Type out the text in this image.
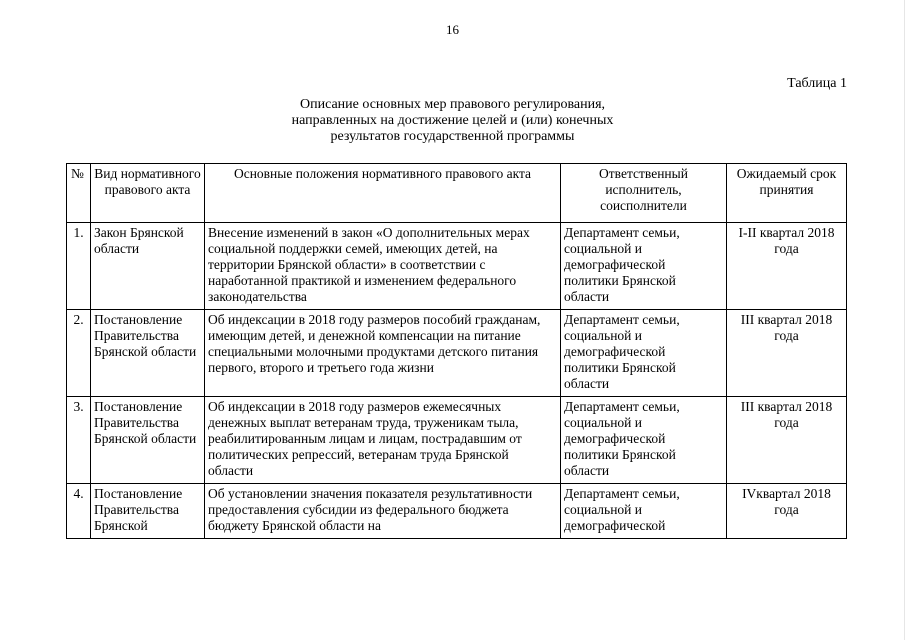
16
Таблица 1
Описание основных мер правового регулирования,
направленных на достижение целей и (или) конечных
результатов государственной программы
№	Вид нормативного правового акта	Основные положения нормативного правового акта	Ответственный исполнитель, соисполнители	Ожидаемый срок принятия
1.	Закон Брянской области	Внесение изменений в закон «О дополнительных мерах социальной поддержки семей, имеющих детей, на территории Брянской области» в соответствии с наработанной практикой и изменением федерального законодательства	Департамент семьи, социальной и демографической политики Брянской области	I-II квартал 2018 года
2.	Постановление Правительства Брянской области	Об индексации в 2018 году размеров пособий гражданам, имеющим детей, и денежной компенсации на питание специальными молочными продуктами детского питания первого, второго и третьего года жизни	Департамент семьи, социальной и демографической политики Брянской области	III квартал 2018 года
3.	Постановление Правительства Брянской области	Об индексации в 2018 году размеров ежемесячных денежных выплат ветеранам труда, труженикам тыла, реабилитированным лицам и лицам, пострадавшим от политических репрессий, ветеранам труда Брянской области	Департамент семьи, социальной и демографической политики Брянской области	III квартал 2018 года
4.	Постановление Правительства Брянской	Об установлении значения показателя результативности предоставления субсидии из федерального бюджета бюджету Брянской области на	Департамент семьи, социальной и демографической	IVквартал 2018 года
